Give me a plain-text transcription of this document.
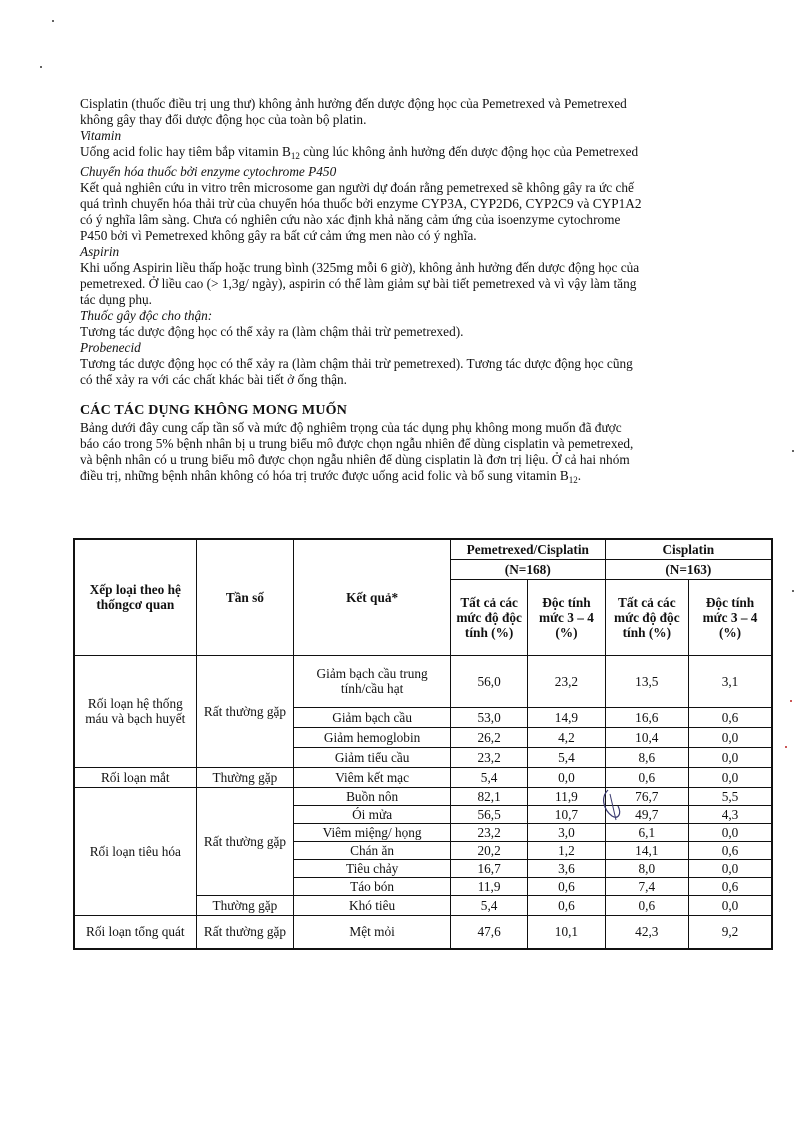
Cisplatin (thuốc điều trị ung thư) không ảnh hưởng đến dược động học của Pemetrexed và Pemetrexed

không gây thay đổi dược động học của toàn bộ platin.

Vitamin

Uống acid folic hay tiêm bắp vitamin $B_{12}$ cùng lúc không ảnh hưởng đến dược động học của Pemetrexed

Chuyển hóa thuốc bởi enzyme cytochrome P450

Kết quả nghiên cứu in vitro trên microsome gan người dự đoán rằng pemetrexed sẽ không gây ra ức chế

quá trình chuyển hóa thải trừ của chuyển hóa thuốc bởi enzyme CYP3A, CYP2D6, CYP2C9 và CYP1A2

có ý nghĩa lâm sàng. Chưa có nghiên cứu nào xác định khả năng cảm ứng của isoenzyme cytochrome

P450 bởi vì Pemetrexed không gây ra bất cứ cảm ứng men nào có ý nghĩa.

Aspirin

Khi uống Aspirin liều thấp hoặc trung bình (325mg mỗi 6 giờ), không ảnh hưởng đến dược động học của

pemetrexed. Ở liều cao (> 1,3g/ ngày), aspirin có thể làm giảm sự bài tiết pemetrexed và vì vậy làm tăng

tác dụng phụ.

Thuốc gây độc cho thận:

Tương tác dược động học có thể xảy ra (làm chậm thải trừ pemetrexed).

Probenecid

Tương tác dược động học có thể xảy ra (làm chậm thải trừ pemetrexed). Tương tác dược động học cũng

có thể xảy ra với các chất khác bài tiết ở ống thận.

CÁC TÁC DỤNG KHÔNG MONG MUỐN

Bảng dưới đây cung cấp tần số và mức độ nghiêm trọng của tác dụng phụ không mong muốn đã được

báo cáo trong 5% bệnh nhân bị u trung biểu mô được chọn ngẫu nhiên để dùng cisplatin và pemetrexed,

và bệnh nhân có u trung biểu mô được chọn ngẫu nhiên để dùng cisplatin là đơn trị liệu. Ở cả hai nhóm

điều trị, những bệnh nhân không có hóa trị trước được uống acid folic và bổ sung vitamin $B_{12}$.

Xếp loại theo hệ thốngcơ quan	Tần số	Kết quả*	Pemetrexed/Cisplatin		Cisplatin	
			(N=168)		(N=163)	
			Tất cả các mức độ độc tính (%)	Độc tính mức 3 – 4 (%)	Tất cả các mức độ độc tính (%)	Độc tính mức 3 – 4 (%)
Rối loạn hệ thống máu và bạch huyết	Rất thường gặp	Giảm bạch cầu trung tính/cầu hạt	56,0	23,2	13,5	3,1
		Giảm bạch cầu	53,0	14,9	16,6	0,6
		Giảm hemoglobin	26,2	4,2	10,4	0,0
		Giảm tiểu cầu	23,2	5,4	8,6	0,0
Rối loạn mắt	Thường gặp	Viêm kết mạc	5,4	0,0	0,6	0,0
Rối loạn tiêu hóa	Rất thường gặp	Buồn nôn	82,1	11,9	76,7	5,5
		Ói mửa	56,5	10,7	49,7	4,3
		Viêm miệng/ họng	23,2	3,0	6,1	0,0
		Chán ăn	20,2	1,2	14,1	0,6
		Tiêu chảy	16,7	3,6	8,0	0,0
		Táo bón	11,9	0,6	7,4	0,6
	Thường gặp	Khó tiêu	5,4	0,6	0,6	0,0
Rối loạn tổng quát	Rất thường gặp	Mệt mỏi	47,6	10,1	42,3	9,2
